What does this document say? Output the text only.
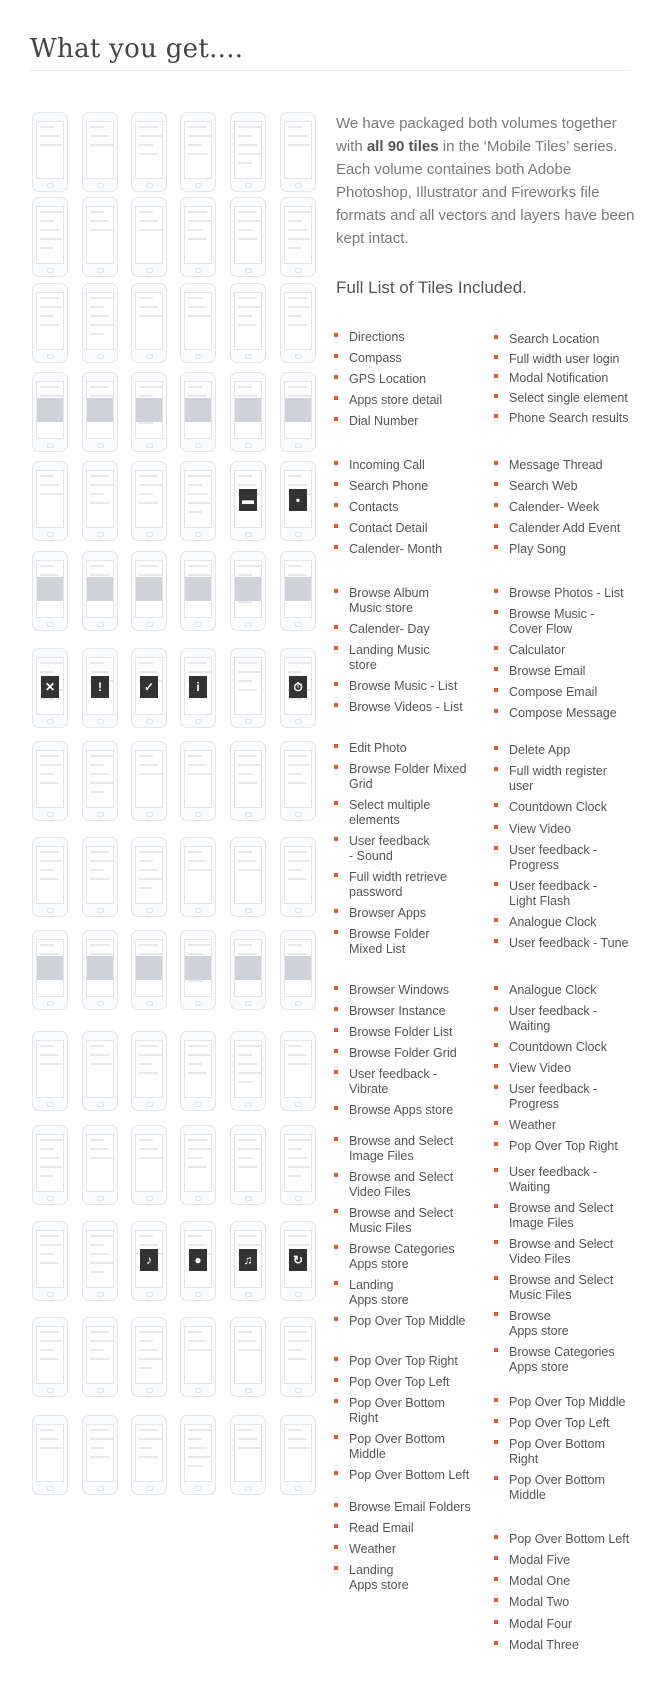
What you get....

We have packaged both volumes together with all 90 tiles in the ‘Mobile Tiles’ series. Each volume containes both Adobe Photoshop, Illustrator and Fireworks file formats and all vectors and layers have been kept intact.

Full List of Tiles Included.
▬	▪
✕	!	✓	i	⏱
♪	●	♫	↻
Directions
Compass
GPS Location
Apps store detail
Dial Number
Incoming Call
Search Phone
Contacts
Contact Detail
Calender- Month
Browse Album
Music store
Calender- Day
Landing Music
store
Browse Music - List
Browse Videos - List
Edit Photo
Browse Folder Mixed
Grid
Select multiple
elements
User feedback
- Sound
Full width retrieve
password
Browser Apps
Browse Folder
Mixed List
Browser Windows
Browser Instance
Browse Folder List
Browse Folder Grid
User feedback -
Vibrate
Browse Apps store
Browse and Select
Image Files
Browse and Select
Video Files
Browse and Select
Music Files
Browse Categories
Apps store
Landing
Apps store
Pop Over Top Middle
Pop Over Top Right
Pop Over Top Left
Pop Over Bottom
Right
Pop Over Bottom
Middle
Pop Over Bottom Left
Browse Email Folders
Read Email
Weather
Landing
Apps store
Search Location
Full width user login
Modal Notification
Select single element
Phone Search results
Message Thread
Search Web
Calender- Week
Calender Add Event
Play Song
Browse Photos - List
Browse Music -
Cover Flow
Calculator
Browse Email
Compose Email
Compose Message
Delete App
Full width register
user
Countdown Clock
View Video
User feedback -
Progress
User feedback -
Light Flash
Analogue Clock
User feedback - Tune
Analogue Clock
User feedback -
Waiting
Countdown Clock
View Video
User feedback -
Progress
Weather
Pop Over Top Right
User feedback -
Waiting
Browse and Select
Image Files
Browse and Select
Video Files
Browse and Select
Music Files
Browse
Apps store
Browse Categories
Apps store
Pop Over Top Middle
Pop Over Top Left
Pop Over Bottom
Right
Pop Over Bottom
Middle
Pop Over Bottom Left
Modal Five
Modal One
Modal Two
Modal Four
Modal Three
